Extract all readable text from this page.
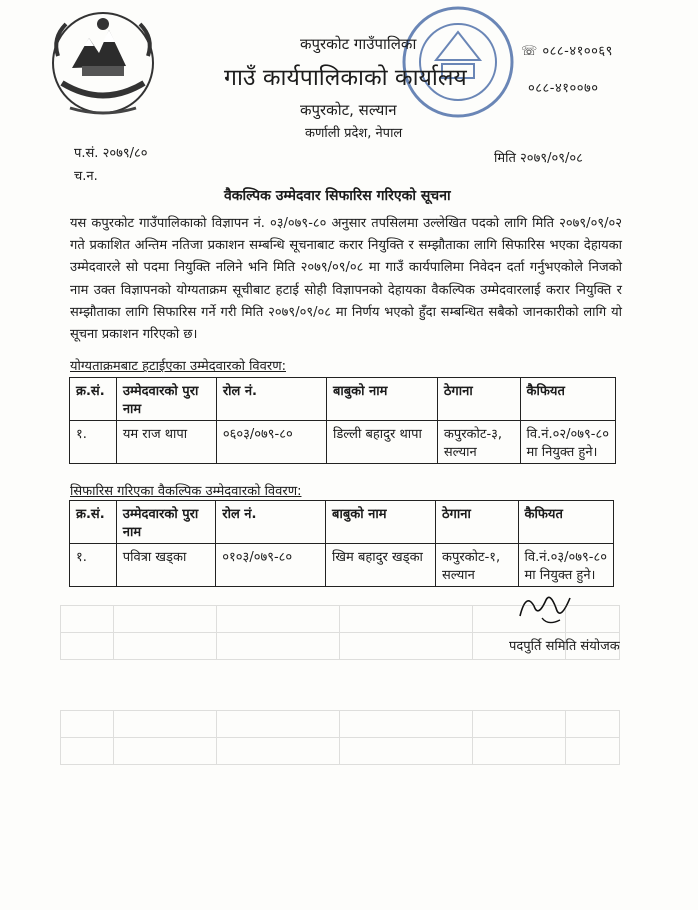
कपुरकोट गाउँपालिका
गाउँ कार्यपालिकाको कार्यालय
कपुरकोट, सल्यान
कर्णाली प्रदेश, नेपाल
☏ ०८८-४१००६९
०८८-४१००७०
प.सं. २०७९/८०
च.न.
मिति २०७९/०९/०८
वैकल्पिक उम्मेदवार सिफारिस गरिएको सूचना
यस कपुरकोट गाउँपालिकाको विज्ञापन नं. ०३/०७९-८० अनुसार तपसिलमा उल्लेखित पदको लागि मिति २०७९/०९/०२ गते प्रकाशित अन्तिम नतिजा प्रकाशन सम्बन्धि सूचनाबाट करार नियुक्ति र सम्झौताका लागि सिफारिस भएका देहायका उम्मेदवारले सो पदमा नियुक्ति नलिने भनि मिति २०७९/०९/०८ मा गाउँ कार्यपालिमा निवेदन दर्ता गर्नुभएकोले निजको नाम उक्त विज्ञापनको योग्यताक्रम सूचीबाट हटाई सोही विज्ञापनको देहायका वैकल्पिक उम्मेदवारलाई करार नियुक्ति र सम्झौताका लागि सिफारिस गर्ने गरी मिति २०७९/०९/०८ मा निर्णय भएको हुँदा सम्बन्धित सबैको जानकारीको लागि यो सूचना प्रकाशन गरिएको छ।
योग्यताक्रमबाट हटाईएका उम्मेदवारको विवरण:
क्र.सं.	उम्मेदवारको पुरा नाम	रोल नं.	बाबुको नाम	ठेगाना	कैफियत
१.	यम राज थापा	०६०३/०७९-८०	डिल्ली बहादुर थापा	कपुरकोट-३, सल्यान	वि.नं.०२/०७९-८० मा नियुक्त हुने।
सिफारिस गरिएका वैकल्पिक उम्मेदवारको विवरण:
क्र.सं.	उम्मेदवारको पुरा नाम	रोल नं.	बाबुको नाम	ठेगाना	कैफियत
१.	पवित्रा खड्का	०१०३/०७९-८०	खिम बहादुर खड्का	कपुरकोट-१, सल्यान	वि.नं.०३/०७९-८० मा नियुक्त हुने।
पदपुर्ति समिति संयोजक
